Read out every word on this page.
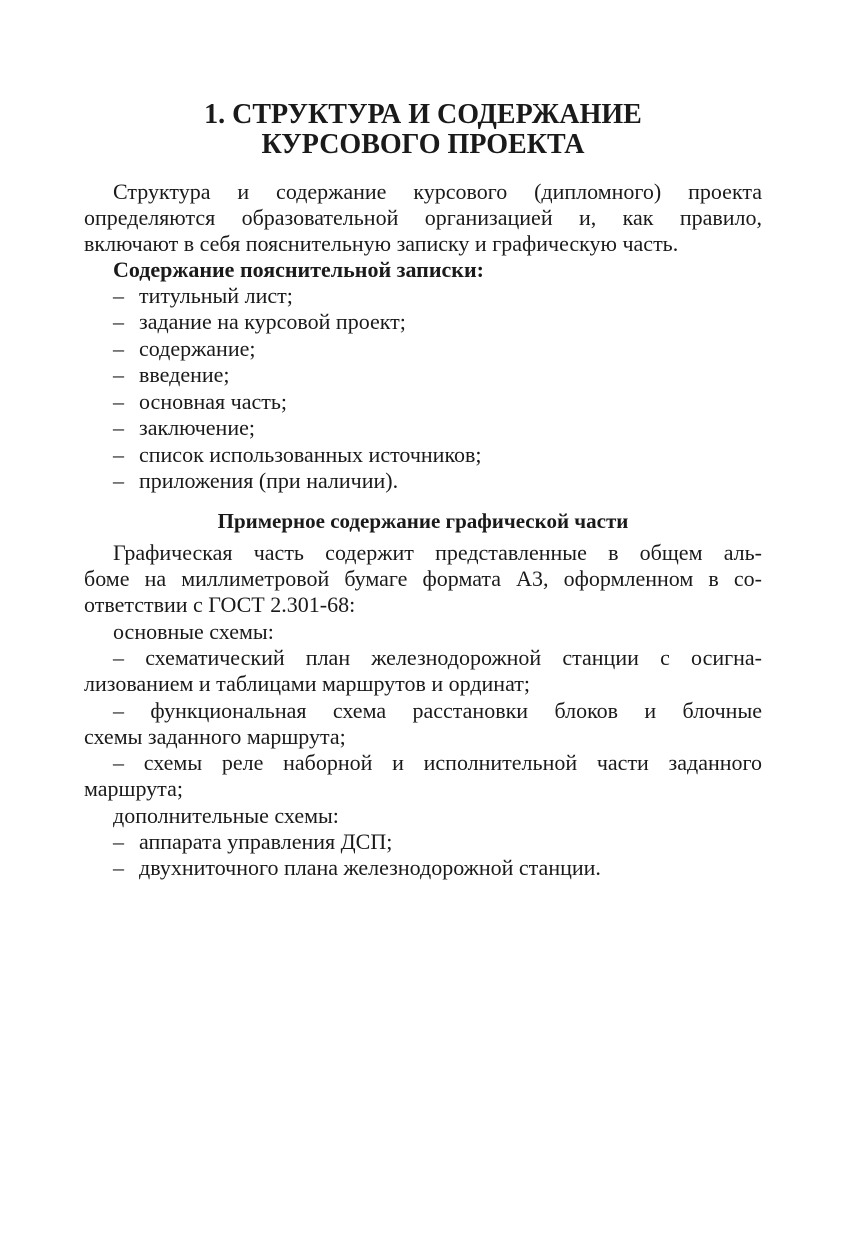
1. СТРУКТУРА И СОДЕРЖАНИЕ
КУРСОВОГО ПРОЕКТА
Структура и содержание курсового (дипломного) проекта
определяются образовательной организацией и, как правило,
включают в себя пояснительную записку и графическую часть.
Содержание пояснительной записки:
– титульный лист;
– задание на курсовой проект;
– содержание;
– введение;
– основная часть;
– заключение;
– список использованных источников;
– приложения (при наличии).
Примерное содержание графической части
Графическая часть содержит представленные в общем аль-
боме на миллиметровой бумаге формата А3, оформленном в со-
ответствии с ГОСТ 2.301-68:
основные схемы:
– схематический план железнодорожной станции с осигна-
лизованием и таблицами маршрутов и ординат;
– функциональная схема расстановки блоков и блочные
схемы заданного маршрута;
– схемы реле наборной и исполнительной части заданного
маршрута;
дополнительные схемы:
– аппарата управления ДСП;
– двухниточного плана железнодорожной станции.
